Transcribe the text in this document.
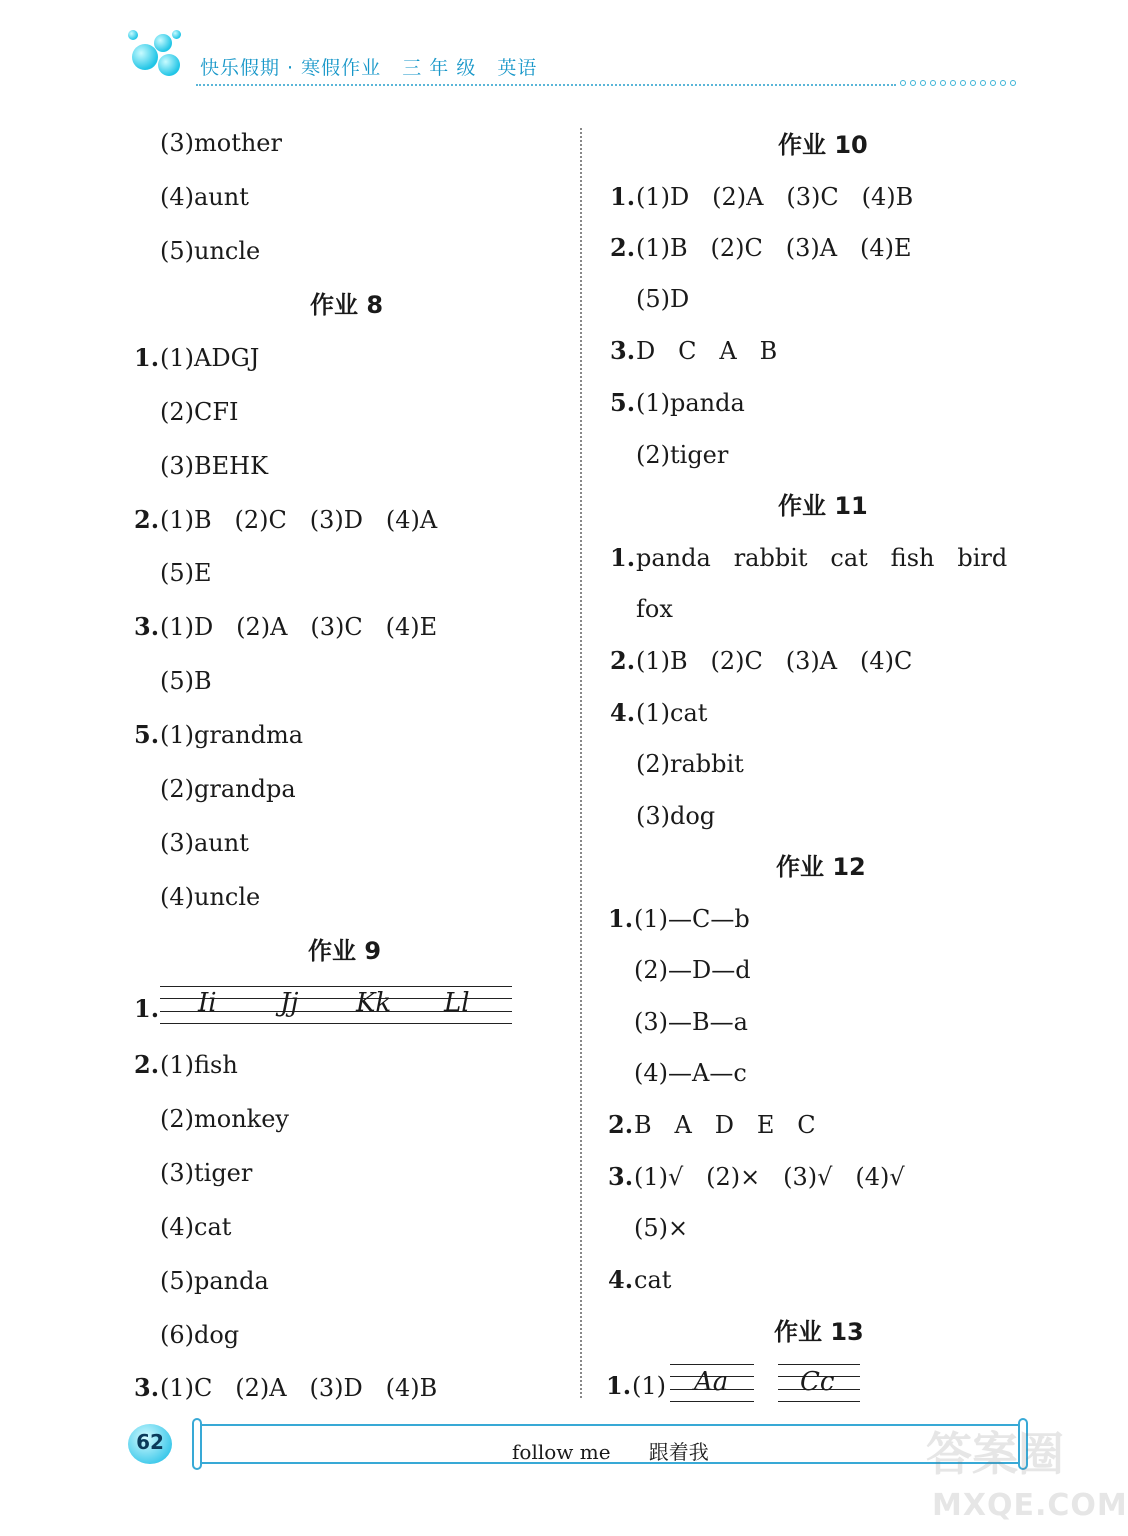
快乐假期 · 寒假作业   三 年 级   英语
(3)mother
(4)aunt
(5)uncle
作业 8
1. (1)ADGJ
(2)CFI
(3)BEHK
2. (1)B   (2)C   (3)D   (4)A
(5)E
3. (1)D   (2)A   (3)C   (4)E
(5)B
5. (1)grandma
(2)grandpa
(3)aunt
(4)uncle
作业 9
1. Ii Jj Kk Ll
2. (1)fish
(2)monkey
(3)tiger
(4)cat
(5)panda
(6)dog
3. (1)C   (2)A   (3)D   (4)B
作业 10
1. (1)D   (2)A   (3)C   (4)B
2. (1)B   (2)C   (3)A   (4)E
(5)D
3. D   C   A   B
5. (1)panda
(2)tiger
作业 11
1. panda   rabbit   cat   fish   bird
fox
2. (1)B   (2)C   (3)A   (4)C
4. (1)cat
(2)rabbit
(3)dog
作业 12
1. (1)—C—b
(2)—D—d
(3)—B—a
(4)—A—c
2. B   A   D   E   C
3. (1)√   (2)×   (3)√   (4)√
(5)×
4. cat
作业 13
1. (1) Aa	Cc
62	follow me      跟着我	答案圈
MXQE.COM
